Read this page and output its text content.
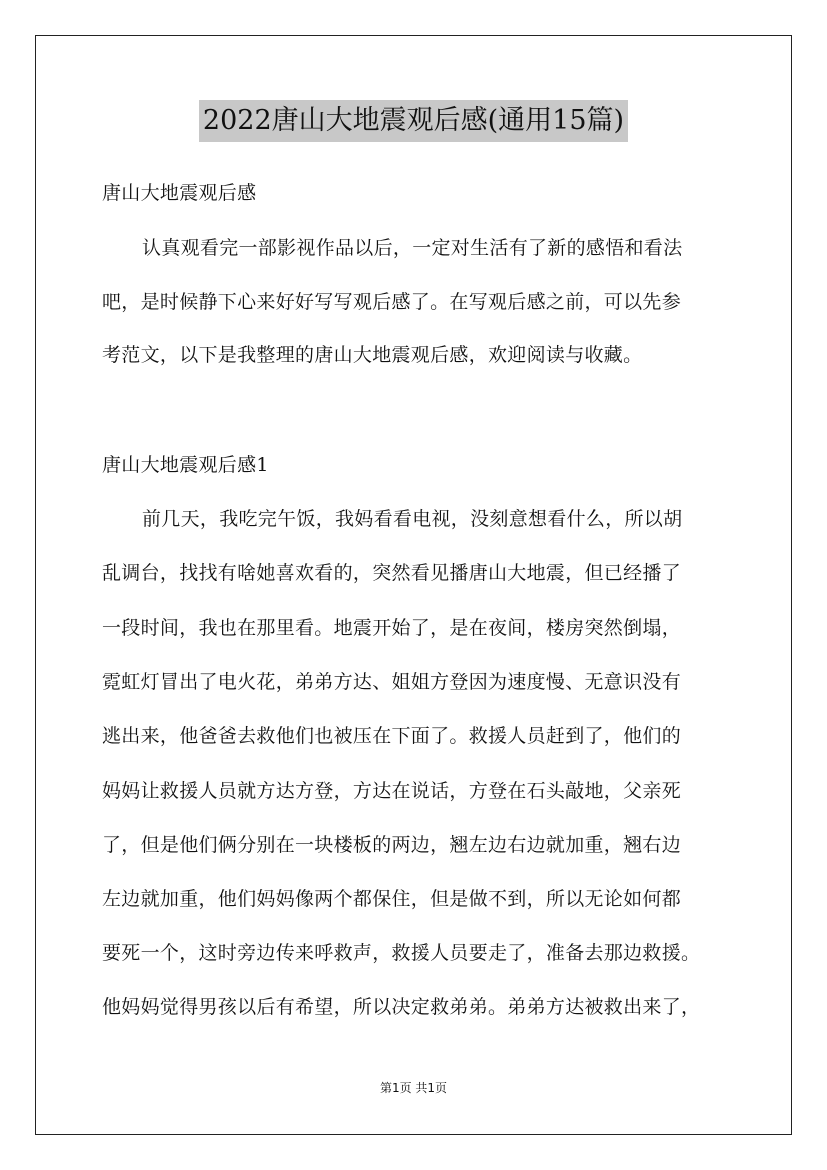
2022唐山大地震观后感(通用15篇)
唐山大地震观后感
认真观看完一部影视作品以后，一定对生活有了新的感悟和看法
吧，是时候静下心来好好写写观后感了。在写观后感之前，可以先参
考范文，以下是我整理的唐山大地震观后感，欢迎阅读与收藏。
唐山大地震观后感1
前几天，我吃完午饭，我妈看看电视，没刻意想看什么，所以胡
乱调台，找找有啥她喜欢看的，突然看见播唐山大地震，但已经播了
一段时间，我也在那里看。地震开始了，是在夜间，楼房突然倒塌，
霓虹灯冒出了电火花，弟弟方达、姐姐方登因为速度慢、无意识没有
逃出来，他爸爸去救他们也被压在下面了。救援人员赶到了，他们的
妈妈让救援人员就方达方登，方达在说话，方登在石头敲地，父亲死
了，但是他们俩分别在一块楼板的两边，翘左边右边就加重，翘右边
左边就加重，他们妈妈像两个都保住，但是做不到，所以无论如何都
要死一个，这时旁边传来呼救声，救援人员要走了，准备去那边救援。
他妈妈觉得男孩以后有希望，所以决定救弟弟。弟弟方达被救出来了，
第1页 共1页
